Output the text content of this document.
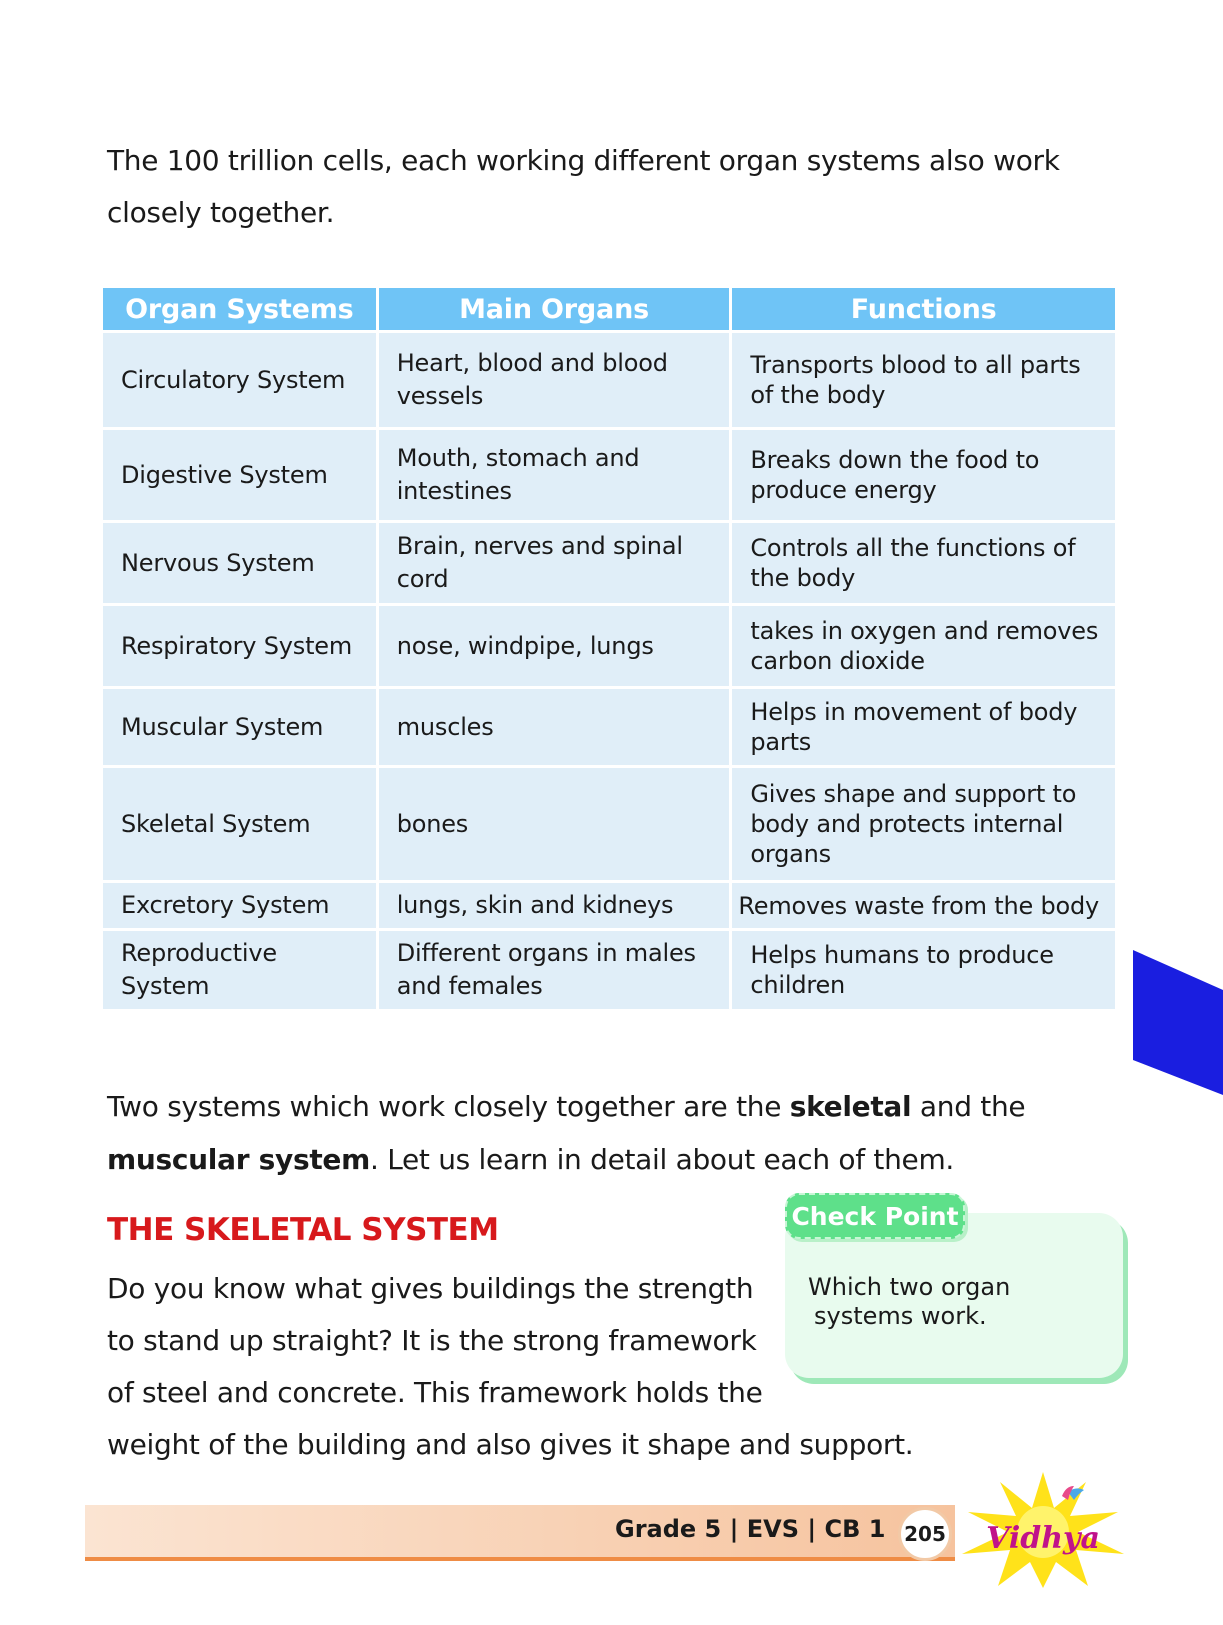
The 100 trillion cells, each working different organ systems also work closely together.
Organ Systems	Main Organs	Functions
Circulatory System	Heart, blood and blood vessels	Transports blood to all parts of the body
Digestive System	Mouth, stomach and intestines	Breaks down the food to produce energy
Nervous System	Brain, nerves and spinal cord	Controls all the functions of the body
Respiratory System	nose, windpipe, lungs	takes in oxygen and removes carbon dioxide
Muscular System	muscles	Helps in movement of body parts
Skeletal System	bones	Gives shape and support to body and protects internal organs
Excretory System	lungs, skin and kidneys	Removes waste from the body
Reproductive System	Different organs in males and females	Helps humans to produce children
Two systems which work closely together are the skeletal and the muscular system. Let us learn in detail about each of them.
THE SKELETAL SYSTEM
Do you know what gives buildings the strength
to stand up straight? It is the strong framework
of steel and concrete. This framework holds the
weight of the building and also gives it shape and support.
Check Point
Which two organ
systems work.
Grade 5 | EVS | CB 1 205 Vidhya
